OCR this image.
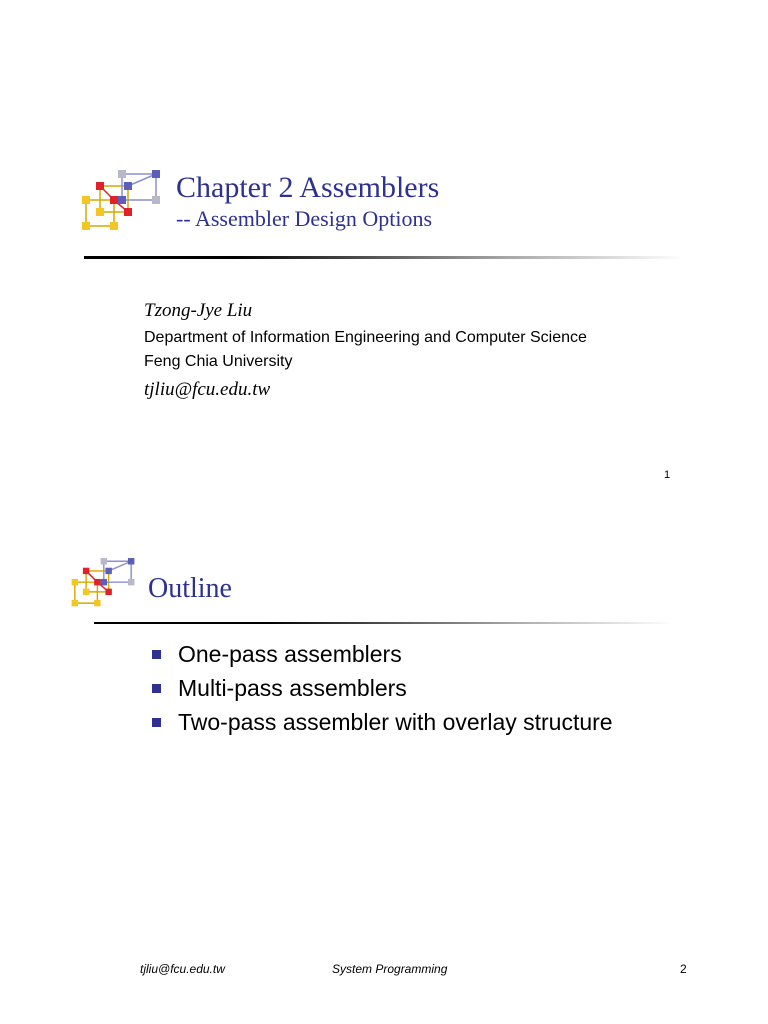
Chapter 2 Assemblers
-- Assembler Design Options
Tzong-Jye Liu
Department of Information Engineering and Computer Science
Feng Chia University
tjliu@fcu.edu.tw
1
Outline
One-pass assemblers
Multi-pass assemblers
Two-pass assembler with overlay structure
tjliu@fcu.edu.tw	System Programming	2
